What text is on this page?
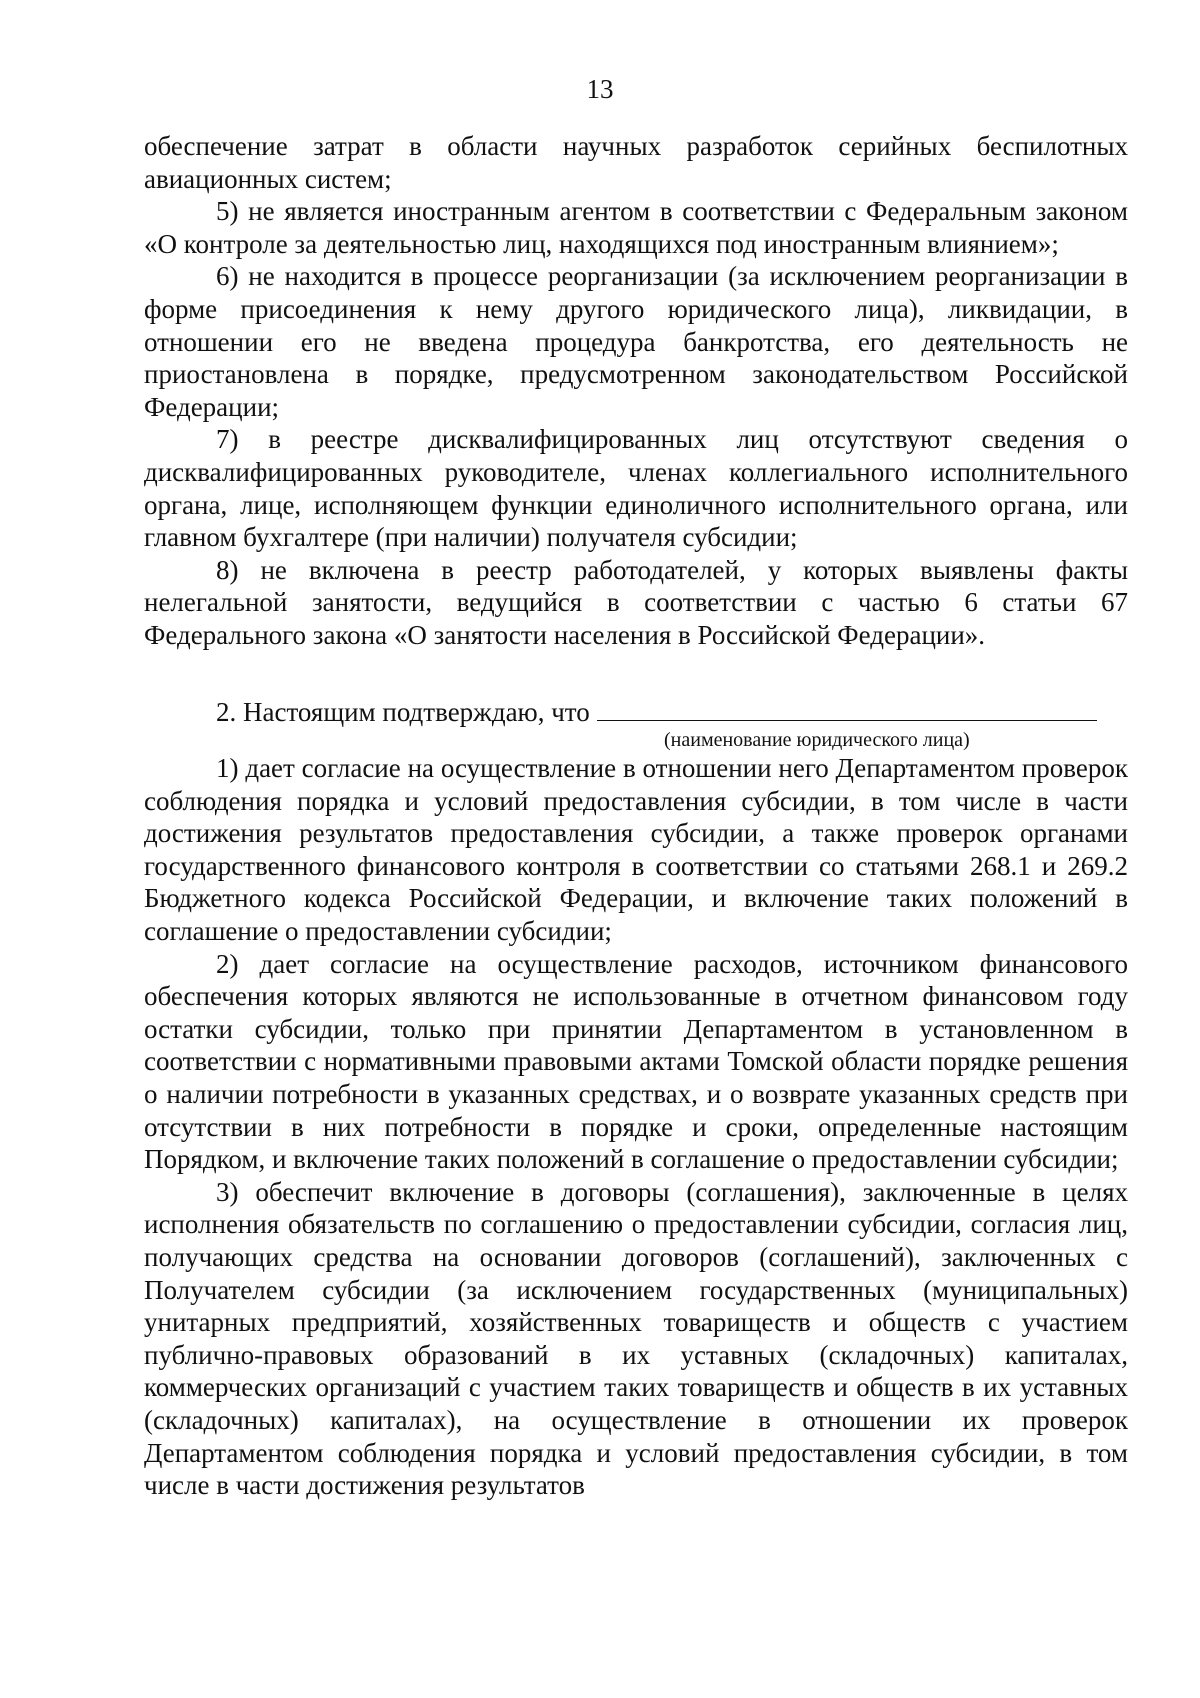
13

обеспечение затрат в области научных разработок серийных беспилотных авиационных систем;

5) не является иностранным агентом в соответствии с Федеральным законом «О контроле за деятельностью лиц, находящихся под иностранным влиянием»;

6) не находится в процессе реорганизации (за исключением реорганизации в форме присоединения к нему другого юридического лица), ликвидации, в отношении его не введена процедура банкротства, его деятельность не приостановлена в порядке, предусмотренном законодательством Российской Федерации;

7) в реестре дисквалифицированных лиц отсутствуют сведения о дисквалифицированных руководителе, членах коллегиального исполнительного органа, лице, исполняющем функции единоличного исполнительного органа, или главном бухгалтере (при наличии) получателя субсидии;

8) не включена в реестр работодателей, у которых выявлены факты нелегальной занятости, ведущийся в соответствии с частью 6 статьи 67 Федерального закона «О занятости населения в Российской Федерации».

2. Настоящим подтверждаю, что

(наименование юридического лица)

1) дает согласие на осуществление в отношении него Департаментом проверок соблюдения порядка и условий предоставления субсидии, в том числе в части достижения результатов предоставления субсидии, а также проверок органами государственного финансового контроля в соответствии со статьями 268.1 и 269.2 Бюджетного кодекса Российской Федерации, и включение таких положений в соглашение о предоставлении субсидии;

2) дает согласие на осуществление расходов, источником финансового обеспечения которых являются не использованные в отчетном финансовом году остатки субсидии, только при принятии Департаментом в установленном в соответствии с нормативными правовыми актами Томской области порядке решения о наличии потребности в указанных средствах, и о возврате указанных средств при отсутствии в них потребности в порядке и сроки, определенные настоящим Порядком, и включение таких положений в соглашение о предоставлении субсидии;

3) обеспечит включение в договоры (соглашения), заключенные в целях исполнения обязательств по соглашению о предоставлении субсидии, согласия лиц, получающих средства на основании договоров (соглашений), заключенных с Получателем субсидии (за исключением государственных (муниципальных) унитарных предприятий, хозяйственных товариществ и обществ с участием публично-правовых образований в их уставных (складочных) капиталах, коммерческих организаций с участием таких товариществ и обществ в их уставных (складочных) капиталах), на осуществление в отношении их проверок Департаментом соблюдения порядка и условий предоставления субсидии, в том числе в части достижения результатов
